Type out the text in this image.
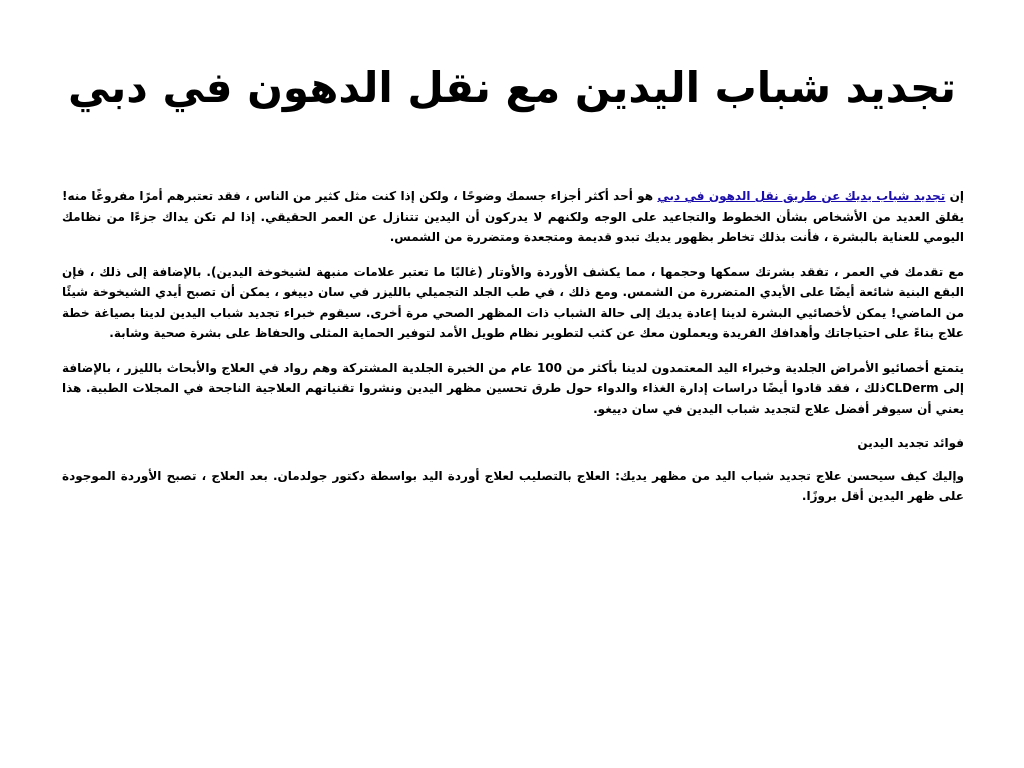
تجديد شباب اليدين مع نقل الدهون في دبي

إن تجديد شباب يديك عن طريق نقل الدهون في دبي هو أحد أكثر أجزاء جسمك وضوحًا ، ولكن إذا كنت مثل كثير من الناس ، فقد تعتبرهم أمرًا مفروغًا منه! يقلق العديد من الأشخاص بشأن الخطوط والتجاعيد على الوجه ولكنهم لا يدركون أن اليدين تتنازل عن العمر الحقيقي. إذا لم تكن يداك جزءًا من نظامك اليومي للعناية بالبشرة ، فأنت بذلك تخاطر بظهور يديك تبدو قديمة ومتجعدة ومتضررة من الشمس.

مع تقدمك في العمر ، تفقد بشرتك سمكها وحجمها ، مما يكشف الأوردة والأوتار (غالبًا ما تعتبر علامات منبهة لشيخوخة اليدين). بالإضافة إلى ذلك ، فإن البقع البنية شائعة أيضًا على الأيدي المتضررة من الشمس. ومع ذلك ، في طب الجلد التجميلي بالليزر في سان دييغو ، يمكن أن تصبح أيدي الشيخوخة شيئًا من الماضي! يمكن لأخصائيي البشرة لدينا إعادة يديك إلى حالة الشباب ذات المظهر الصحي مرة أخرى. سيقوم خبراء تجديد شباب اليدين لدينا بصياغة خطة علاج بناءً على احتياجاتك وأهدافك الفريدة ويعملون معك عن كثب لتطوير نظام طويل الأمد لتوفير الحماية المثلى والحفاظ على بشرة صحية وشابة.

يتمتع أخصائيو الأمراض الجلدية وخبراء اليد المعتمدون لدينا بأكثر من 100 عام من الخبرة الجلدية المشتركة وهم رواد في العلاج والأبحاث بالليزر ، بالإضافة إلى CLDermذلك ، فقد قادوا أيضًا دراسات إدارة الغذاء والدواء حول طرق تحسين مظهر اليدين ونشروا تقنياتهم العلاجية الناجحة في المجلات الطبية. هذا يعني أن سيوفر أفضل علاج لتجديد شباب اليدين في سان دييغو.

فوائد تجديد اليدين

وإليك كيف سيحسن علاج تجديد شباب اليد من مظهر يديك: العلاج بالتصليب لعلاج أوردة اليد بواسطة دكتور جولدمان. بعد العلاج ، تصبح الأوردة الموجودة على ظهر اليدين أقل بروزًا.
